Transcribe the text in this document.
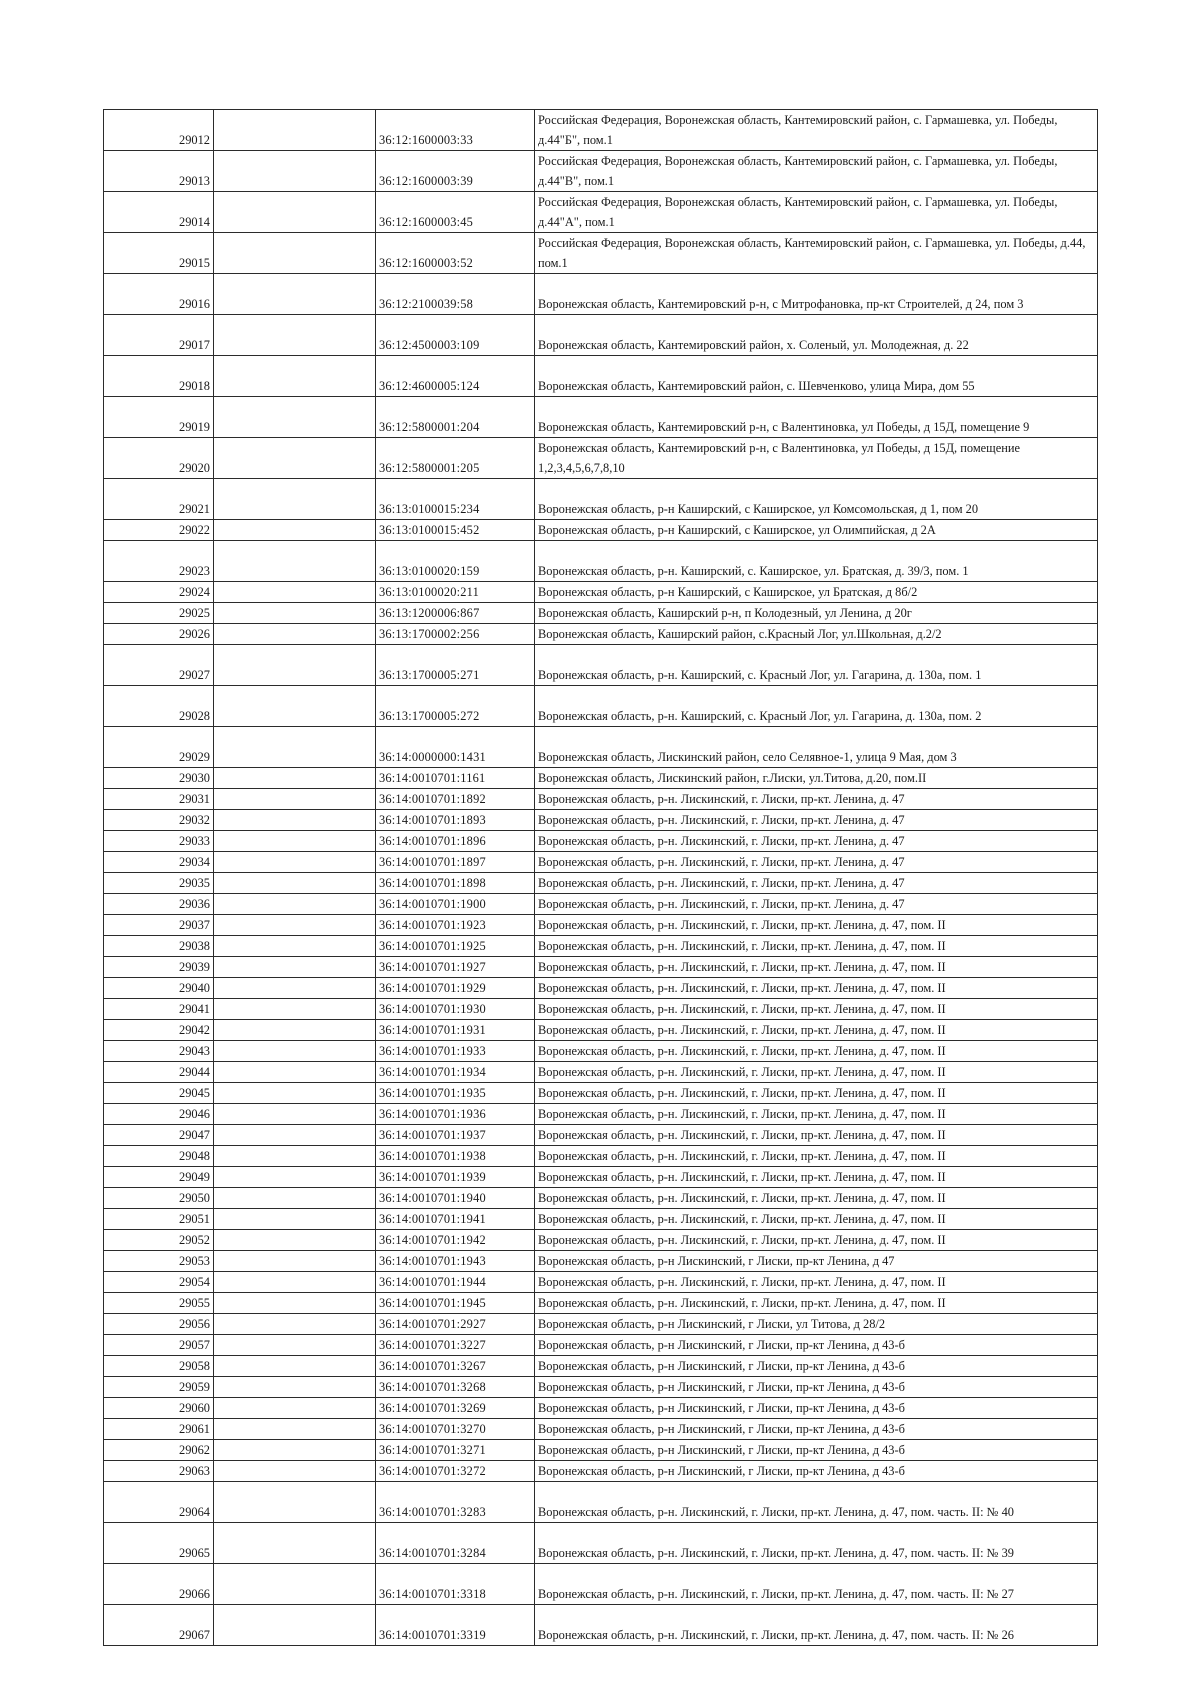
29012		36:12:1600003:33	Российская Федерация, Воронежская область, Кантемировский район, с. Гармашевка, ул. Победы, д.44"Б", пом.1
29013		36:12:1600003:39	Российская Федерация, Воронежская область, Кантемировский район, с. Гармашевка, ул. Победы, д.44"В", пом.1
29014		36:12:1600003:45	Российская Федерация, Воронежская область, Кантемировский район, с. Гармашевка, ул. Победы, д.44"А", пом.1
29015		36:12:1600003:52	Российская Федерация, Воронежская область, Кантемировский район, с. Гармашевка, ул. Победы, д.44, пом.1
29016		36:12:2100039:58	Воронежская область, Кантемировский р-н, с Митрофановка, пр-кт Строителей, д 24, пом 3
29017		36:12:4500003:109	Воронежская область, Кантемировский район, х. Соленый, ул. Молодежная, д. 22
29018		36:12:4600005:124	Воронежская область, Кантемировский район, с. Шевченково, улица Мира, дом 55
29019		36:12:5800001:204	Воронежская область, Кантемировский р-н, с Валентиновка, ул Победы, д 15Д, помещение 9
29020		36:12:5800001:205	Воронежская область, Кантемировский р-н, с Валентиновка, ул Победы, д 15Д, помещение 1,2,3,4,5,6,7,8,10
29021		36:13:0100015:234	Воронежская область, р-н Каширский, с Каширское, ул Комсомольская, д 1, пом 20
29022		36:13:0100015:452	Воронежская область, р-н Каширский, с Каширское, ул Олимпийская, д 2А
29023		36:13:0100020:159	Воронежская область, р-н. Каширский, с. Каширское, ул. Братская, д. 39/3, пом. 1
29024		36:13:0100020:211	Воронежская область, р-н Каширский, с Каширское, ул Братская, д 8б/2
29025		36:13:1200006:867	Воронежская область, Каширский р-н, п Колодезный, ул Ленина, д 20г
29026		36:13:1700002:256	Воронежская область, Каширский район, с.Красный Лог, ул.Школьная, д.2/2
29027		36:13:1700005:271	Воронежская область, р-н. Каширский, с. Красный Лог, ул. Гагарина, д. 130а, пом. 1
29028		36:13:1700005:272	Воронежская область, р-н. Каширский, с. Красный Лог, ул. Гагарина, д. 130а, пом. 2
29029		36:14:0000000:1431	Воронежская область, Лискинский район, село Селявное-1, улица 9 Мая, дом 3
29030		36:14:0010701:1161	Воронежская область, Лискинский район, г.Лиски, ул.Титова, д.20, пом.II
29031		36:14:0010701:1892	Воронежская область, р-н. Лискинский, г. Лиски, пр-кт. Ленина, д. 47
29032		36:14:0010701:1893	Воронежская область, р-н. Лискинский, г. Лиски, пр-кт. Ленина, д. 47
29033		36:14:0010701:1896	Воронежская область, р-н. Лискинский, г. Лиски, пр-кт. Ленина, д. 47
29034		36:14:0010701:1897	Воронежская область, р-н. Лискинский, г. Лиски, пр-кт. Ленина, д. 47
29035		36:14:0010701:1898	Воронежская область, р-н. Лискинский, г. Лиски, пр-кт. Ленина, д. 47
29036		36:14:0010701:1900	Воронежская область, р-н. Лискинский, г. Лиски, пр-кт. Ленина, д. 47
29037		36:14:0010701:1923	Воронежская область, р-н. Лискинский, г. Лиски, пр-кт. Ленина, д. 47, пом. II
29038		36:14:0010701:1925	Воронежская область, р-н. Лискинский, г. Лиски, пр-кт. Ленина, д. 47, пом. II
29039		36:14:0010701:1927	Воронежская область, р-н. Лискинский, г. Лиски, пр-кт. Ленина, д. 47, пом. II
29040		36:14:0010701:1929	Воронежская область, р-н. Лискинский, г. Лиски, пр-кт. Ленина, д. 47, пом. II
29041		36:14:0010701:1930	Воронежская область, р-н. Лискинский, г. Лиски, пр-кт. Ленина, д. 47, пом. II
29042		36:14:0010701:1931	Воронежская область, р-н. Лискинский, г. Лиски, пр-кт. Ленина, д. 47, пом. II
29043		36:14:0010701:1933	Воронежская область, р-н. Лискинский, г. Лиски, пр-кт. Ленина, д. 47, пом. II
29044		36:14:0010701:1934	Воронежская область, р-н. Лискинский, г. Лиски, пр-кт. Ленина, д. 47, пом. II
29045		36:14:0010701:1935	Воронежская область, р-н. Лискинский, г. Лиски, пр-кт. Ленина, д. 47, пом. II
29046		36:14:0010701:1936	Воронежская область, р-н. Лискинский, г. Лиски, пр-кт. Ленина, д. 47, пом. II
29047		36:14:0010701:1937	Воронежская область, р-н. Лискинский, г. Лиски, пр-кт. Ленина, д. 47, пом. II
29048		36:14:0010701:1938	Воронежская область, р-н. Лискинский, г. Лиски, пр-кт. Ленина, д. 47, пом. II
29049		36:14:0010701:1939	Воронежская область, р-н. Лискинский, г. Лиски, пр-кт. Ленина, д. 47, пом. II
29050		36:14:0010701:1940	Воронежская область, р-н. Лискинский, г. Лиски, пр-кт. Ленина, д. 47, пом. II
29051		36:14:0010701:1941	Воронежская область, р-н. Лискинский, г. Лиски, пр-кт. Ленина, д. 47, пом. II
29052		36:14:0010701:1942	Воронежская область, р-н. Лискинский, г. Лиски, пр-кт. Ленина, д. 47, пом. II
29053		36:14:0010701:1943	Воронежская область, р-н Лискинский, г Лиски, пр-кт Ленина, д 47
29054		36:14:0010701:1944	Воронежская область, р-н. Лискинский, г. Лиски, пр-кт. Ленина, д. 47, пом. II
29055		36:14:0010701:1945	Воронежская область, р-н. Лискинский, г. Лиски, пр-кт. Ленина, д. 47, пом. II
29056		36:14:0010701:2927	Воронежская область, р-н Лискинский, г Лиски, ул Титова, д 28/2
29057		36:14:0010701:3227	Воронежская область, р-н Лискинский, г Лиски, пр-кт Ленина, д 43-б
29058		36:14:0010701:3267	Воронежская область, р-н Лискинский, г Лиски, пр-кт Ленина, д 43-б
29059		36:14:0010701:3268	Воронежская область, р-н Лискинский, г Лиски, пр-кт Ленина, д 43-б
29060		36:14:0010701:3269	Воронежская область, р-н Лискинский, г Лиски, пр-кт Ленина, д 43-б
29061		36:14:0010701:3270	Воронежская область, р-н Лискинский, г Лиски, пр-кт Ленина, д 43-б
29062		36:14:0010701:3271	Воронежская область, р-н Лискинский, г Лиски, пр-кт Ленина, д 43-б
29063		36:14:0010701:3272	Воронежская область, р-н Лискинский, г Лиски, пр-кт Ленина, д 43-б
29064		36:14:0010701:3283	Воронежская область, р-н. Лискинский, г. Лиски, пр-кт. Ленина, д. 47, пом. часть. II: № 40
29065		36:14:0010701:3284	Воронежская область, р-н. Лискинский, г. Лиски, пр-кт. Ленина, д. 47, пом. часть. II: № 39
29066		36:14:0010701:3318	Воронежская область, р-н. Лискинский, г. Лиски, пр-кт. Ленина, д. 47, пом. часть. II: № 27
29067		36:14:0010701:3319	Воронежская область, р-н. Лискинский, г. Лиски, пр-кт. Ленина, д. 47, пом. часть. II: № 26
